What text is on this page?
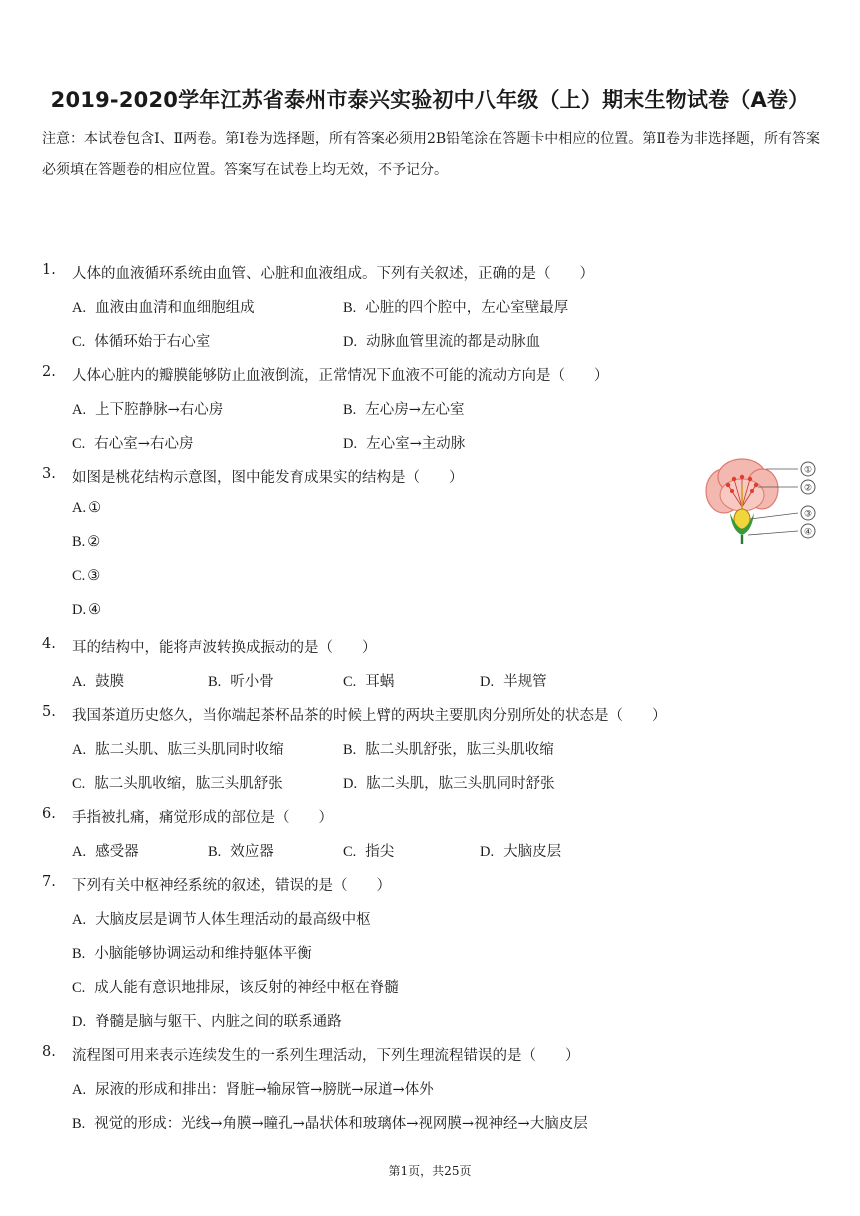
2019-2020学年江苏省泰州市泰兴实验初中八年级（上）期末生物试卷（A卷）
注意：本试卷包含Ⅰ、Ⅱ两卷。第Ⅰ卷为选择题，所有答案必须用2B铅笔涂在答题卡中相应的位置。第Ⅱ卷为非选择题，所有答案必须填在答题卷的相应位置。答案写在试卷上均无效，不予记分。
1. 人体的血液循环系统由血管、心脏和血液组成。下列有关叙述，正确的是（　　）
A. 血液由血清和血细胞组成	B. 心脏的四个腔中，左心室壁最厚
C. 体循环始于右心室	D. 动脉血管里流的都是动脉血
2. 人体心脏内的瓣膜能够防止血液倒流，正常情况下血液不可能的流动方向是（　　）
A. 上下腔静脉→右心房	B. 左心房→左心室
C. 右心室→右心房	D. 左心室→主动脉
3. 如图是桃花结构示意图，图中能发育成果实的结构是（　　）
A. ①
B. ②
C. ③
D. ④
①
②
③
④
4. 耳的结构中，能将声波转换成振动的是（　　）
A. 鼓膜	B. 听小骨	C. 耳蜗	D. 半规管
5. 我国茶道历史悠久，当你端起茶杯品茶的时候上臂的两块主要肌肉分别所处的状态是（　　）
A. 肱二头肌、肱三头肌同时收缩	B. 肱二头肌舒张，肱三头肌收缩
C. 肱二头肌收缩，肱三头肌舒张	D. 肱二头肌，肱三头肌同时舒张
6. 手指被扎痛，痛觉形成的部位是（　　）
A. 感受器	B. 效应器	C. 指尖	D. 大脑皮层
7. 下列有关中枢神经系统的叙述，错误的是（　　）
A. 大脑皮层是调节人体生理活动的最高级中枢
B. 小脑能够协调运动和维持躯体平衡
C. 成人能有意识地排尿，该反射的神经中枢在脊髓
D. 脊髓是脑与躯干、内脏之间的联系通路
8. 流程图可用来表示连续发生的一系列生理活动，下列生理流程错误的是（　　）
A. 尿液的形成和排出：肾脏→输尿管→膀胱→尿道→体外
B. 视觉的形成：光线→角膜→瞳孔→晶状体和玻璃体→视网膜→视神经→大脑皮层
第1页，共25页
